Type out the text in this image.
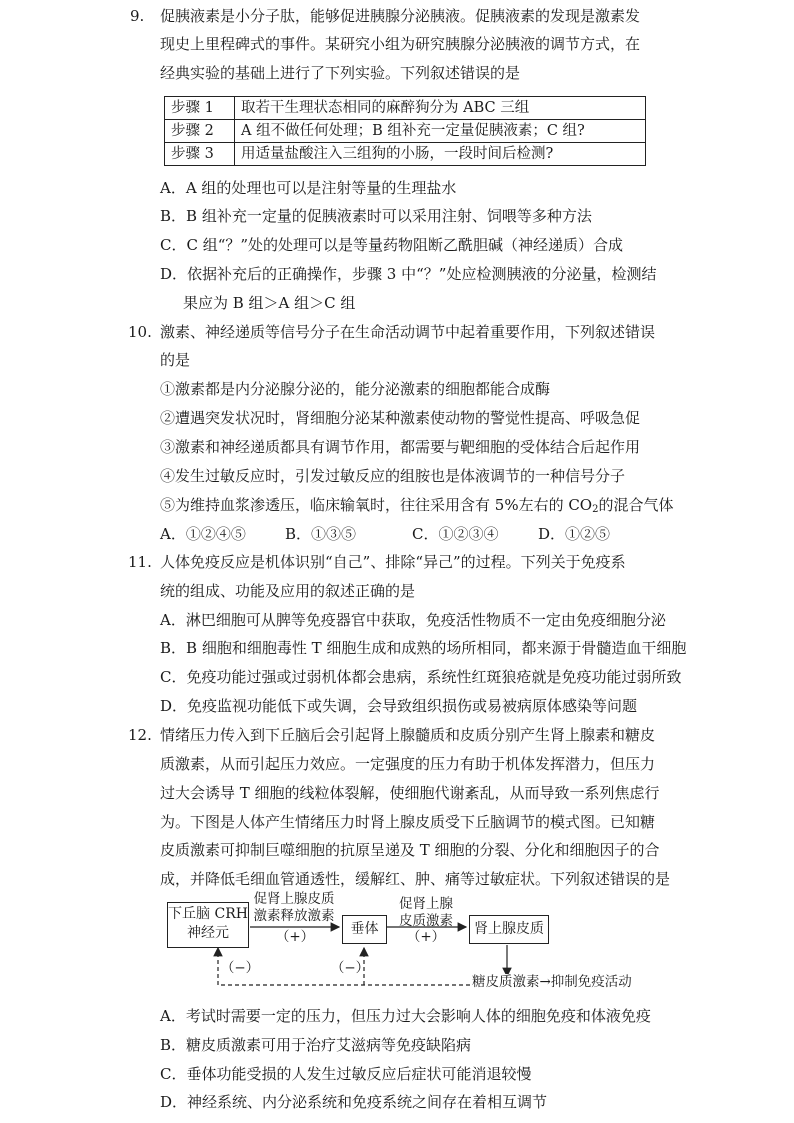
9. 促胰液素是小分子肽，能够促进胰腺分泌胰液。促胰液素的发现是激素发
现史上里程碑式的事件。某研究小组为研究胰腺分泌胰液的调节方式，在
经典实验的基础上进行了下列实验。下列叙述错误的是
步骤 1	取若干生理状态相同的麻醉狗分为 ABC 三组
步骤 2	A 组不做任何处理；B 组补充一定量促胰液素；C 组?
步骤 3	用适量盐酸注入三组狗的小肠，一段时间后检测?
A．A 组的处理也可以是注射等量的生理盐水
B．B 组补充一定量的促胰液素时可以采用注射、饲喂等多种方法
C．C 组“？”处的处理可以是等量药物阻断乙酰胆碱（神经递质）合成
D．依据补充后的正确操作，步骤 3 中“？”处应检测胰液的分泌量，检测结
果应为 B 组＞A 组＞C 组
10. 激素、神经递质等信号分子在生命活动调节中起着重要作用，下列叙述错误
的是
①激素都是内分泌腺分泌的，能分泌激素的细胞都能合成酶
②遭遇突发状况时，肾细胞分泌某种激素使动物的警觉性提高、呼吸急促
③激素和神经递质都具有调节作用，都需要与靶细胞的受体结合后起作用
④发生过敏反应时，引发过敏反应的组胺也是体液调节的一种信号分子
⑤为维持血浆渗透压，临床输氧时，往往采用含有 5%左右的 $CO_2$的混合气体
A．①②④⑤	B．①③⑤	C．①②③④	D．①②⑤
11. 人体免疫反应是机体识别“自己”、排除“异己”的过程。下列关于免疫系
统的组成、功能及应用的叙述正确的是
A．淋巴细胞可从脾等免疫器官中获取，免疫活性物质不一定由免疫细胞分泌
B．B 细胞和细胞毒性 T 细胞生成和成熟的场所相同，都来源于骨髓造血干细胞
C．免疫功能过强或过弱机体都会患病，系统性红斑狼疮就是免疫功能过弱所致
D．免疫监视功能低下或失调，会导致组织损伤或易被病原体感染等问题
12. 情绪压力传入到下丘脑后会引起肾上腺髓质和皮质分别产生肾上腺素和糖皮
质激素，从而引起压力效应。一定强度的压力有助于机体发挥潜力，但压力
过大会诱导 T 细胞的线粒体裂解，使细胞代谢紊乱，从而导致一系列焦虑行
为。下图是人体产生情绪压力时肾上腺皮质受下丘脑调节的模式图。已知糖
皮质激素可抑制巨噬细胞的抗原呈递及 T 细胞的分裂、分化和细胞因子的合
成，并降低毛细血管通透性，缓解红、肿、痛等过敏症状。下列叙述错误的是
下丘脑 CRH
神经元	垂体	肾上腺皮质
促肾上腺皮质
激素释放激素
（+）
促肾上腺
皮质激素
（+）
（−）	（−）
糖皮质激素→抑制免疫活动
A．考试时需要一定的压力，但压力过大会影响人体的细胞免疫和体液免疫
B．糖皮质激素可用于治疗艾滋病等免疫缺陷病
C．垂体功能受损的人发生过敏反应后症状可能消退较慢
D．神经系统、内分泌系统和免疫系统之间存在着相互调节
